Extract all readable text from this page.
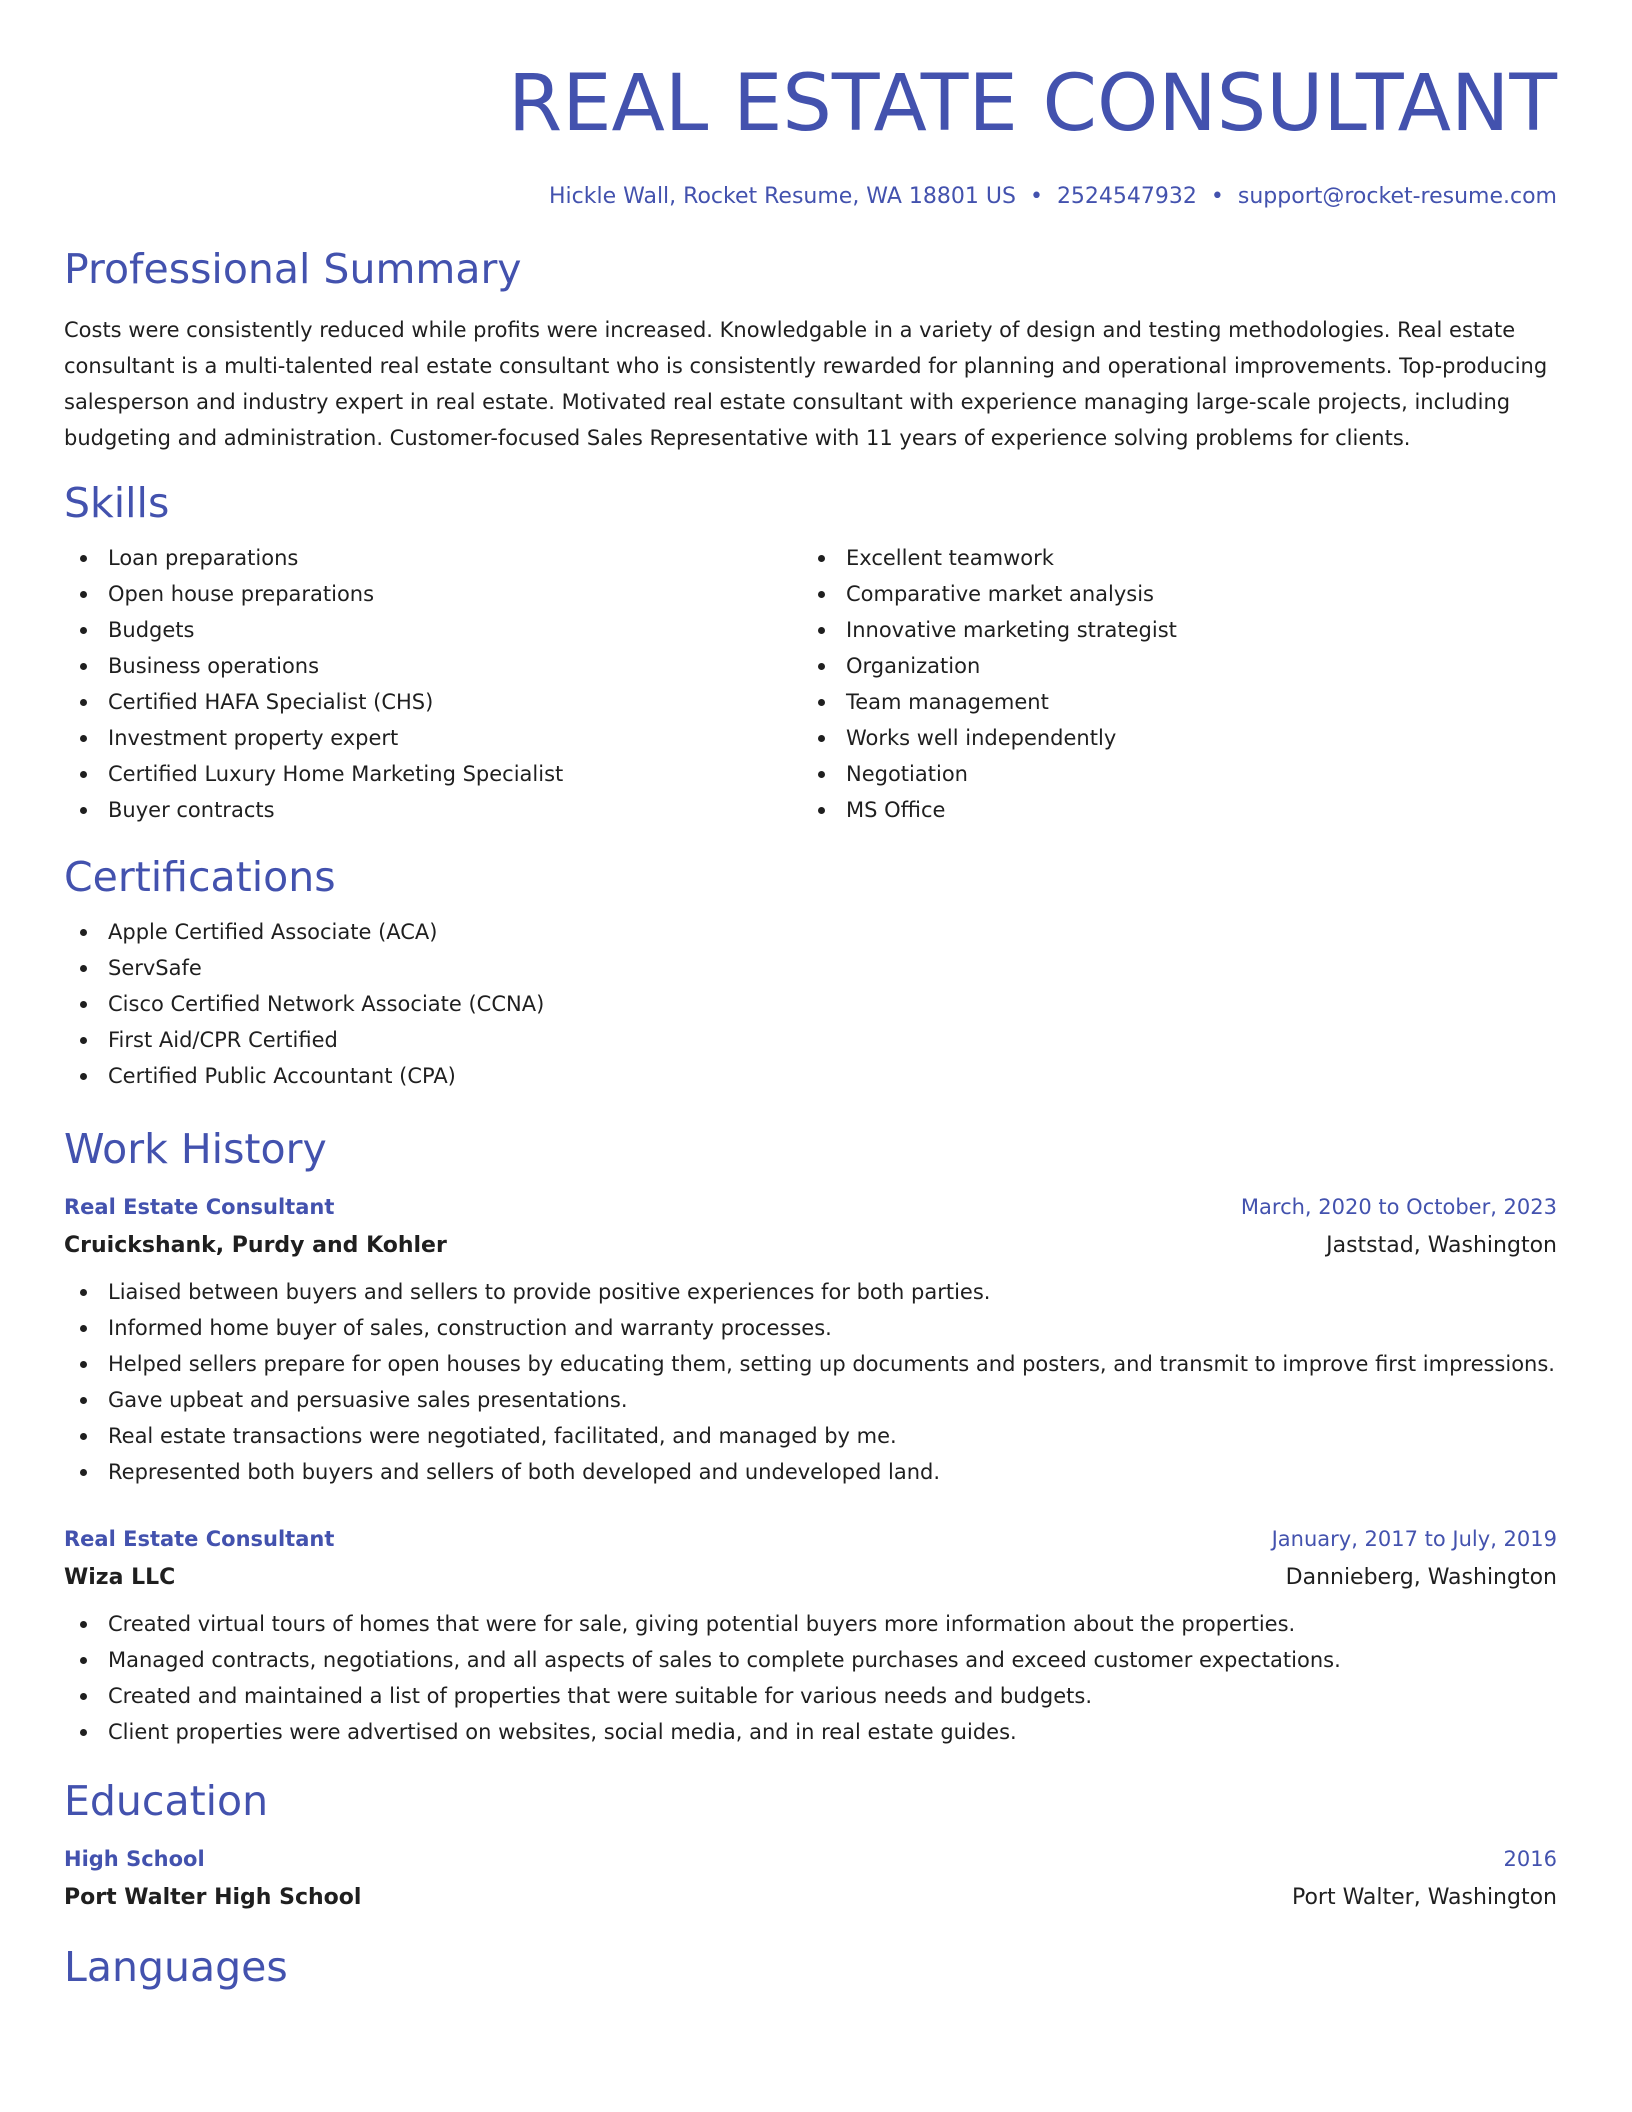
REAL ESTATE CONSULTANT
Hickle Wall, Rocket Resume, WA 18801 US • 2524547932 • support@rocket-resume.com
Professional Summary

Costs were consistently reduced while profits were increased. Knowledgable in a variety of design and testing methodologies. Real estate consultant is a multi-talented real estate consultant who is consistently rewarded for planning and operational improvements. Top-producing salesperson and industry expert in real estate. Motivated real estate consultant with experience managing large-scale projects, including budgeting and administration. Customer-focused Sales Representative with 11 years of experience solving problems for clients.

Skills
Loan preparations
Open house preparations
Budgets
Business operations
Certified HAFA Specialist (CHS)
Investment property expert
Certified Luxury Home Marketing Specialist
Buyer contracts
Excellent teamwork
Comparative market analysis
Innovative marketing strategist
Organization
Team management
Works well independently
Negotiation
MS Office
Certifications
Apple Certified Associate (ACA)
ServSafe
Cisco Certified Network Associate (CCNA)
First Aid/CPR Certified
Certified Public Accountant (CPA)
Work History
Real Estate Consultant	March, 2020 to October, 2023
Cruickshank, Purdy and Kohler	Jaststad, Washington
Liaised between buyers and sellers to provide positive experiences for both parties.
Informed home buyer of sales, construction and warranty processes.
Helped sellers prepare for open houses by educating them, setting up documents and posters, and transmit to improve first impressions.
Gave upbeat and persuasive sales presentations.
Real estate transactions were negotiated, facilitated, and managed by me.
Represented both buyers and sellers of both developed and undeveloped land.
Real Estate Consultant	January, 2017 to July, 2019
Wiza LLC	Dannieberg, Washington
Created virtual tours of homes that were for sale, giving potential buyers more information about the properties.
Managed contracts, negotiations, and all aspects of sales to complete purchases and exceed customer expectations.
Created and maintained a list of properties that were suitable for various needs and budgets.
Client properties were advertised on websites, social media, and in real estate guides.
Education
High School	2016
Port Walter High School	Port Walter, Washington
Languages
